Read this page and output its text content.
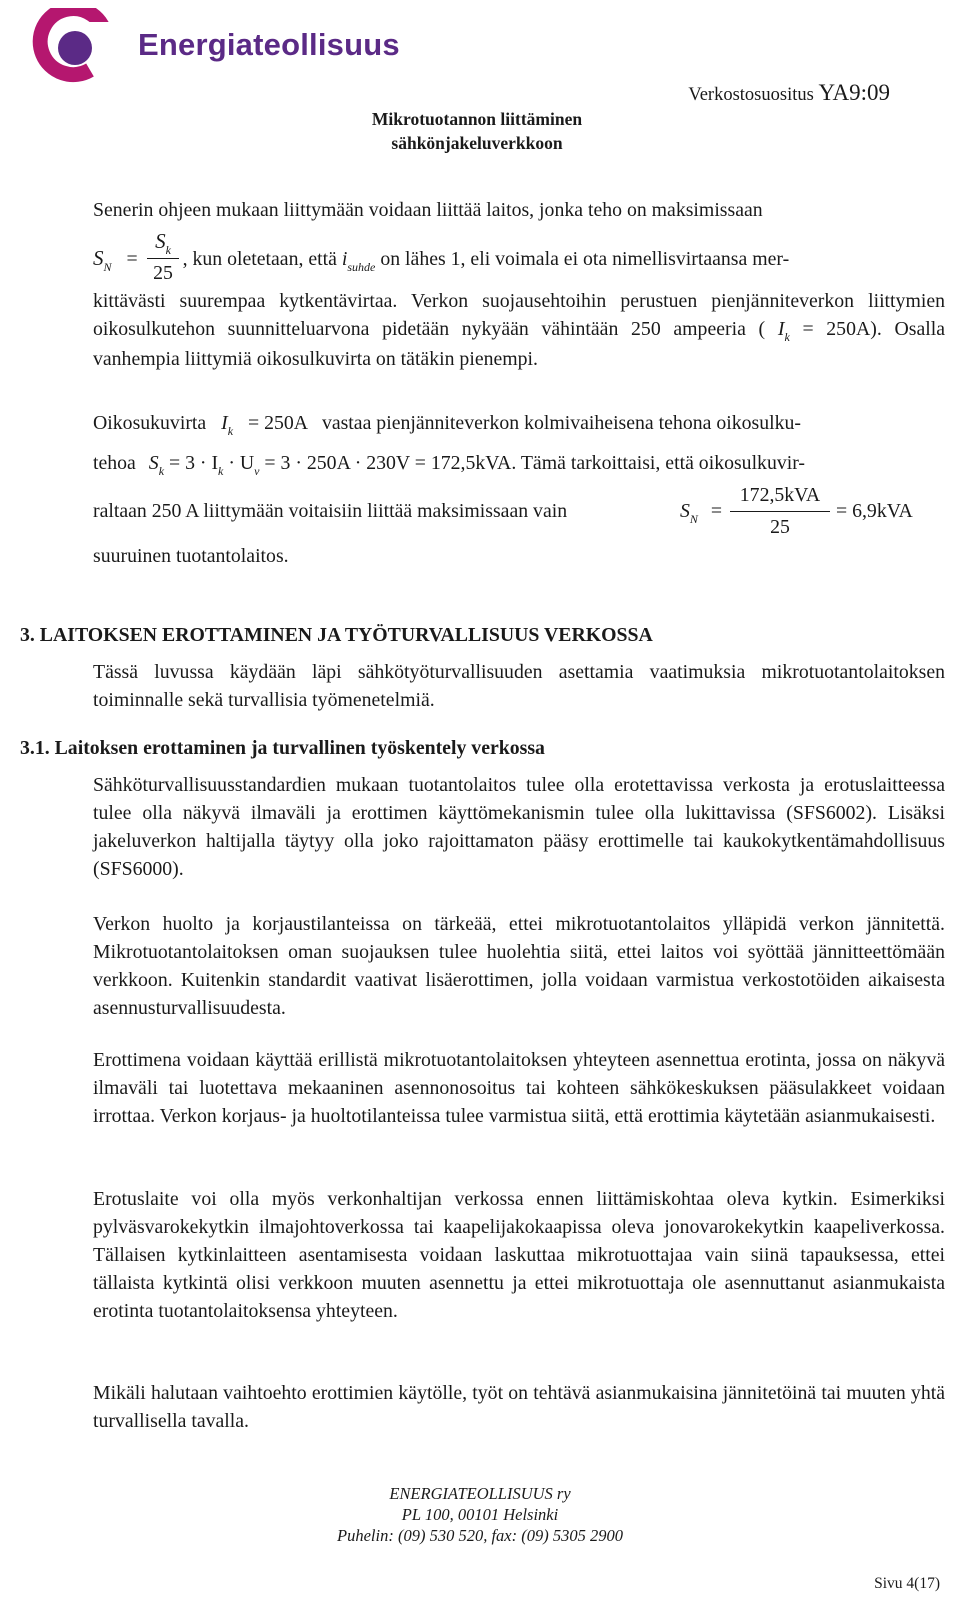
Energiateollisuus
Mikrotuotannon liittäminen
sähkönjakeluverkkoon
Verkostosuositus YA9:09
Senerin ohjeen mukaan liittymään voidaan liittää laitos, jonka teho on maksimissaan
$S_N$ = , kun oletetaan, että $i_{suhde}$ on lähes 1, eli voimala ei ota nimellisvirtaansa mer-
$S_k$
25
kittävästi suurempaa kytkentävirtaa. Verkon suojausehtoihin perustuen pienjänniteverkon liittymien oikosulkutehon suunnitteluarvona pidetään nykyään vähintään 250 ampeeria ( $I_k = 250A$). Osalla vanhempia liittymiä oikosulkuvirta on tätäkin pienempi.
Oikosukuvirta $I_k = 250A$ vastaa pienjänniteverkon kolmivaiheisena tehona oikosulku-
tehoa $S_k = 3 \cdot I_k \cdot U_v = 3 \cdot 250A \cdot 230V = 172,5kVA$. Tämä tarkoittaisi, että oikosulkuvir-
raltaan 250 A liittymään voitaisiin liittää maksimissaan vain	$S_N$ =
172,5kVA
25
= 6,9kVA
suuruinen tuotantolaitos.
3. LAITOKSEN EROTTAMINEN JA TYÖTURVALLISUUS VERKOSSA
Tässä luvussa käydään läpi sähkötyöturvallisuuden asettamia vaatimuksia mikrotuotantolaitoksen toiminnalle sekä turvallisia työmenetelmiä.
3.1. Laitoksen erottaminen ja turvallinen työskentely verkossa
Sähköturvallisuusstandardien mukaan tuotantolaitos tulee olla erotettavissa verkosta ja erotuslaitteessa tulee olla näkyvä ilmaväli ja erottimen käyttömekanismin tulee olla lukittavissa (SFS6002). Lisäksi jakeluverkon haltijalla täytyy olla joko rajoittamaton pääsy erottimelle tai kaukokytkentämahdollisuus (SFS6000).
Verkon huolto ja korjaustilanteissa on tärkeää, ettei mikrotuotantolaitos ylläpidä verkon jännitettä. Mikrotuotantolaitoksen oman suojauksen tulee huolehtia siitä, ettei laitos voi syöttää jännitteettömään verkkoon. Kuitenkin standardit vaativat lisäerottimen, jolla voidaan varmistua verkostotöiden aikaisesta asennusturvallisuudesta.
Erottimena voidaan käyttää erillistä mikrotuotantolaitoksen yhteyteen asennettua erotinta, jossa on näkyvä ilmaväli tai luotettava mekaaninen asennonosoitus tai kohteen sähkökeskuksen pääsulakkeet voidaan irrottaa. Verkon korjaus- ja huoltotilanteissa tulee varmistua siitä, että erottimia käytetään asianmukaisesti.
Erotuslaite voi olla myös verkonhaltijan verkossa ennen liittämiskohtaa oleva kytkin. Esimerkiksi pylväsvarokekytkin ilmajohtoverkossa tai kaapelijakokaapissa oleva jonovarokekytkin kaapeliverkossa. Tällaisen kytkinlaitteen asentamisesta voidaan laskuttaa mikrotuottajaa vain siinä tapauksessa, ettei tällaista kytkintä olisi verkkoon muuten asennettu ja ettei mikrotuottaja ole asennuttanut asianmukaista erotinta tuotantolaitoksensa yhteyteen.
Mikäli halutaan vaihtoehto erottimien käytölle, työt on tehtävä asianmukaisina jännitetöinä tai muuten yhtä turvallisella tavalla.
ENERGIATEOLLISUUS ry
PL 100, 00101 Helsinki
Puhelin: (09) 530 520, fax: (09) 5305 2900
Sivu 4(17)
